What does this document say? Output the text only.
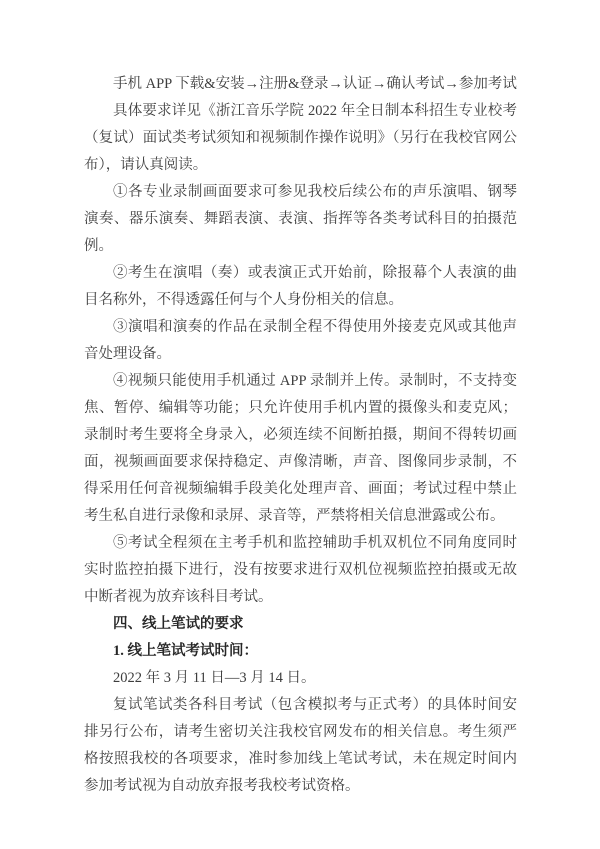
手机 APP 下载&安装→注册&登录→认证→确认考试→参加考试

具体要求详见《浙江音乐学院 2022 年全日制本科招生专业校考（复试）面试类考试须知和视频制作操作说明》（另行在我校官网公布），请认真阅读。

①各专业录制画面要求可参见我校后续公布的声乐演唱、钢琴演奏、器乐演奏、舞蹈表演、表演、指挥等各类考试科目的拍摄范例。

②考生在演唱（奏）或表演正式开始前，除报幕个人表演的曲目名称外，不得透露任何与个人身份相关的信息。

③演唱和演奏的作品在录制全程不得使用外接麦克风或其他声音处理设备。

④视频只能使用手机通过 APP 录制并上传。录制时，不支持变焦、暂停、编辑等功能；只允许使用手机内置的摄像头和麦克风；录制时考生要将全身录入，必须连续不间断拍摄，期间不得转切画面，视频画面要求保持稳定、声像清晰，声音、图像同步录制，不得采用任何音视频编辑手段美化处理声音、画面；考试过程中禁止考生私自进行录像和录屏、录音等，严禁将相关信息泄露或公布。

⑤考试全程须在主考手机和监控辅助手机双机位不同角度同时实时监控拍摄下进行，没有按要求进行双机位视频监控拍摄或无故中断者视为放弃该科目考试。

四、线上笔试的要求

1. 线上笔试考试时间：

2022 年 3 月 11 日—3 月 14 日。

复试笔试类各科目考试（包含模拟考与正式考）的具体时间安排另行公布，请考生密切关注我校官网发布的相关信息。考生须严格按照我校的各项要求，准时参加线上笔试考试，未在规定时间内参加考试视为自动放弃报考我校考试资格。
